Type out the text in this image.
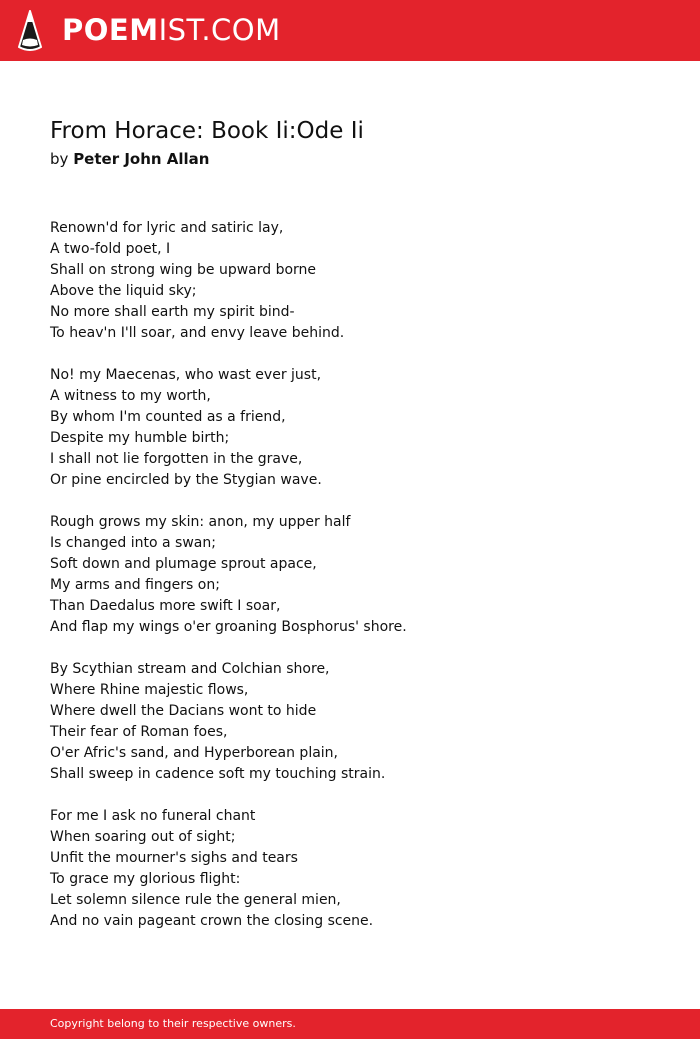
POEMIST.COM
From Horace: Book Ii:Ode Ii
by Peter John Allan
Renown'd for lyric and satiric lay,
A two-fold poet, I
Shall on strong wing be upward borne
Above the liquid sky;
No more shall earth my spirit bind-
To heav'n I'll soar, and envy leave behind.
No! my Maecenas, who wast ever just,
A witness to my worth,
By whom I'm counted as a friend,
Despite my humble birth;
I shall not lie forgotten in the grave,
Or pine encircled by the Stygian wave.
Rough grows my skin: anon, my upper half
Is changed into a swan;
Soft down and plumage sprout apace,
My arms and fingers on;
Than Daedalus more swift I soar,
And flap my wings o'er groaning Bosphorus' shore.
By Scythian stream and Colchian shore,
Where Rhine majestic flows,
Where dwell the Dacians wont to hide
Their fear of Roman foes,
O'er Afric's sand, and Hyperborean plain,
Shall sweep in cadence soft my touching strain.
For me I ask no funeral chant
When soaring out of sight;
Unfit the mourner's sighs and tears
To grace my glorious flight:
Let solemn silence rule the general mien,
And no vain pageant crown the closing scene.
Copyright belong to their respective owners.
